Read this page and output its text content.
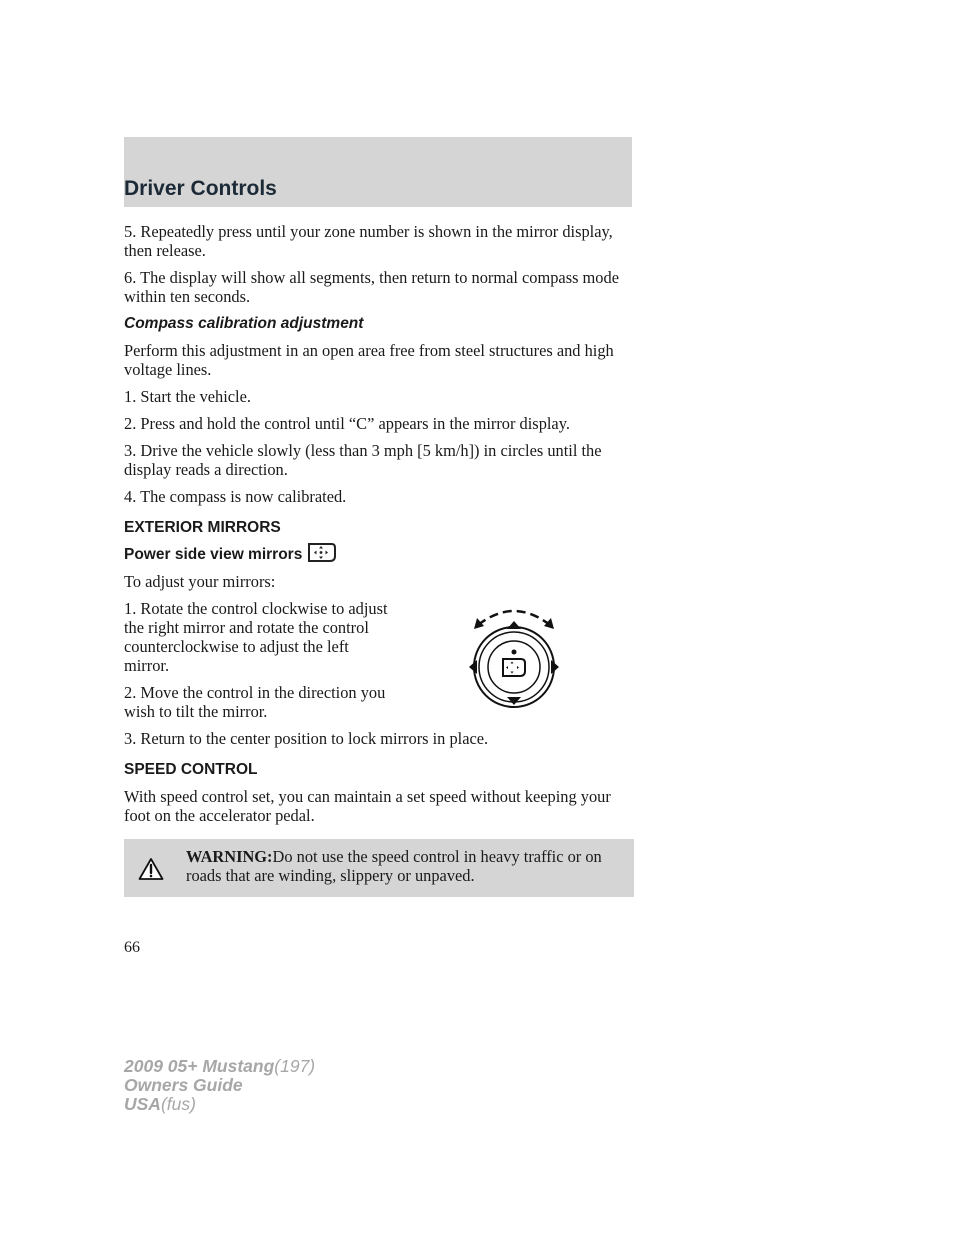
Driver Controls

5. Repeatedly press until your zone number is shown in the mirror display, then release.

6. The display will show all segments, then return to normal compass mode within ten seconds.

Compass calibration adjustment

Perform this adjustment in an open area free from steel structures and high voltage lines.

1. Start the vehicle.

2. Press and hold the control until “C” appears in the mirror display.

3. Drive the vehicle slowly (less than 3 mph [5 km/h]) in circles until the display reads a direction.

4. The compass is now calibrated.

EXTERIOR MIRRORS
Power side view mirrors

To adjust your mirrors:

1. Rotate the control clockwise to adjust the right mirror and rotate the control counterclockwise to adjust the left mirror.

2. Move the control in the direction you wish to tilt the mirror.

3. Return to the center position to lock mirrors in place.

SPEED CONTROL

With speed control set, you can maintain a set speed without keeping your foot on the accelerator pedal.

WARNING:Do not use the speed control in heavy traffic or on roads that are winding, slippery or unpaved.
66
2009 05+ Mustang(197)
Owners Guide
USA(fus)
